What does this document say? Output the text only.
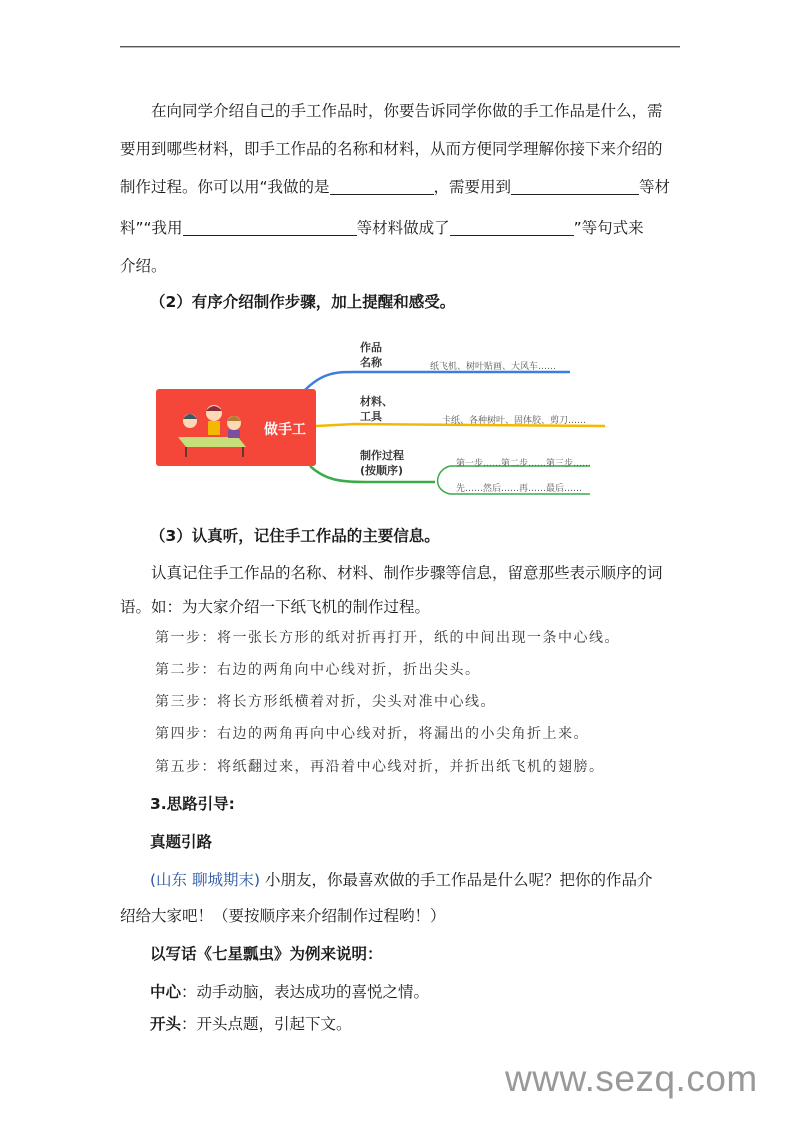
在向同学介绍自己的手工作品时，你要告诉同学你做的手工作品是什么，需
要用到哪些材料，即手工作品的名称和材料，从而方便同学理解你接下来介绍的
制作过程。你可以用“我做的是	，需要用到	等材
料”“我用	等材料做成了	”等句式来
介绍。
（2）有序介绍制作步骤，加上提醒和感受。
做手工
作品
名称	纸飞机、树叶贴画、大风车……
材料、
工具	卡纸、各种树叶、固体胶、剪刀……
制作过程
(按顺序)	第一步……第二步……第三步……
先……然后……再……最后……
（3）认真听，记住手工作品的主要信息。
认真记住手工作品的名称、材料、制作步骤等信息，留意那些表示顺序的词
语。如：为大家介绍一下纸飞机的制作过程。
第一步：将一张长方形的纸对折再打开，纸的中间出现一条中心线。
第二步：右边的两角向中心线对折，折出尖头。
第三步：将长方形纸横着对折，尖头对准中心线。
第四步：右边的两角再向中心线对折，将漏出的小尖角折上来。
第五步：将纸翻过来，再沿着中心线对折，并折出纸飞机的翅膀。
3.思路引导:
真题引路
(山东 聊城期末) 小朋友，你最喜欢做的手工作品是什么呢？把你的作品介
绍给大家吧！（要按顺序来介绍制作过程哟！）
以写话《七星瓢虫》为例来说明：
中心：动手动脑，表达成功的喜悦之情。
开头：开头点题，引起下文。
www.sezq.com
